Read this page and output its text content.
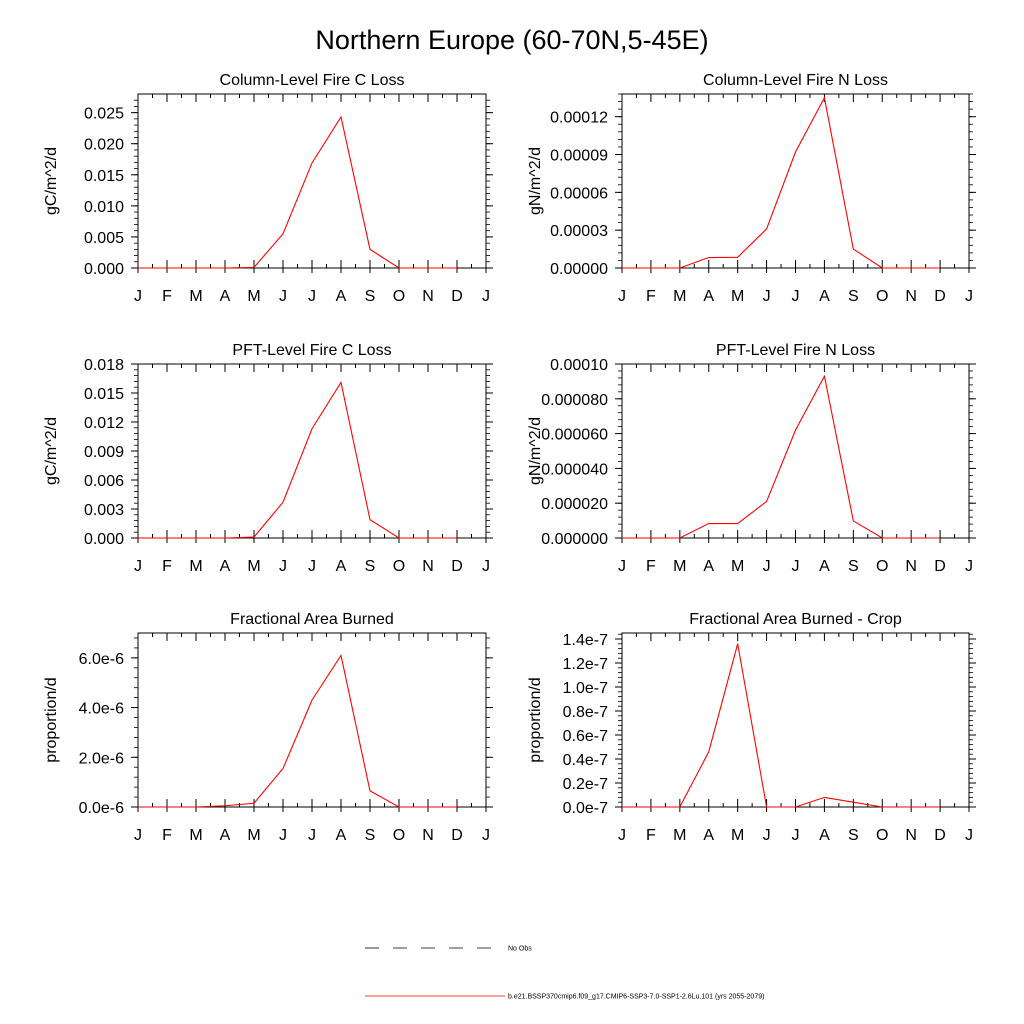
Northern Europe (60-70N,5-45E)
Column-Level Fire C Loss
J F M A M J J A S O N D J
0.000
0.005
0.010
0.015
0.020
0.025
gC/m^2/d
Column-Level Fire N Loss
J F M A M J J A S O N D J
0.00000
0.00003
0.00006
0.00009
0.00012
gN/m^2/d
PFT-Level Fire C Loss
J F M A M J J A S O N D J
0.000
0.003
0.006
0.009
0.012
0.015
0.018
gC/m^2/d
PFT-Level Fire N Loss
J F M A M J J A S O N D J
0.000000
0.000020
0.000040
0.000060
0.000080
0.00010
gN/m^2/d
Fractional Area Burned
J F M A M J J A S O N D J
0.0e-6
2.0e-6
4.0e-6
6.0e-6
proportion/d
Fractional Area Burned - Crop
J F M A M J J A S O N D J
0.0e-7
0.2e-7
0.4e-7
0.6e-7
0.8e-7
1.0e-7
1.2e-7
1.4e-7
proportion/d
No Obs
b.e21.BSSP370cmip6.f09_g17.CMIP6-SSP3-7.0-SSP1-2.6Lu.101 (yrs 2055-2079)
